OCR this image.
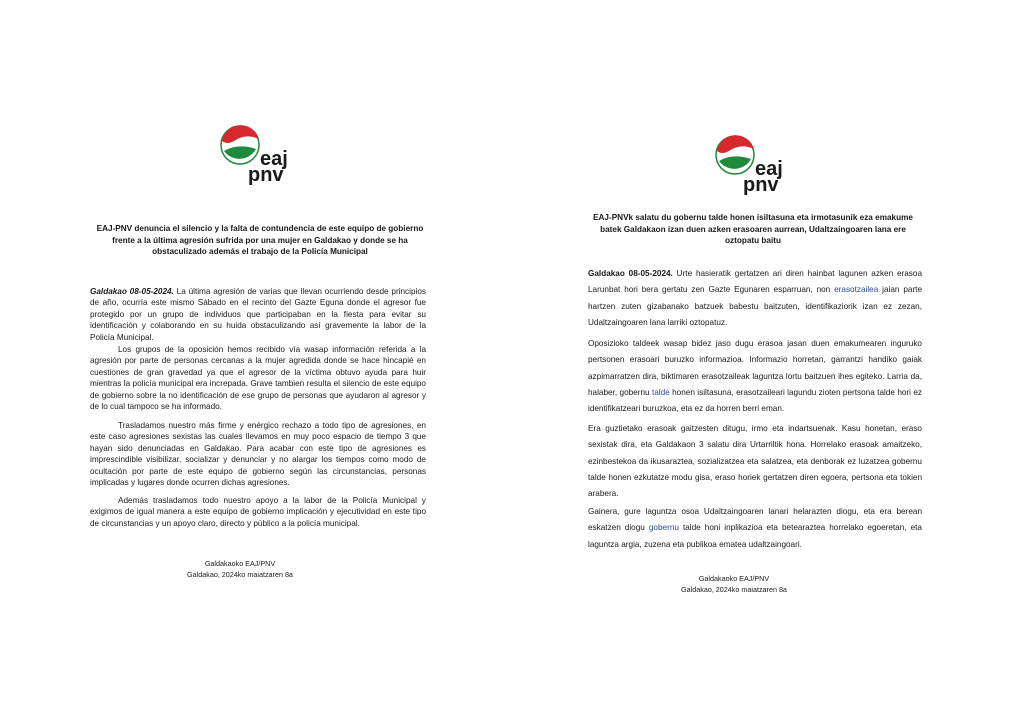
eaj
pnv
EAJ-PNV denuncia el silencio y la falta de contundencia de este equipo de gobierno frente a la última agresión sufrida por una mujer en Galdakao y donde se ha obstaculizado además el trabajo de la Policía Municipal

Galdakao 08-05-2024. La última agresión de varias que llevan ocurriendo desde principios de año, ocurría este mismo Sábado en el recinto del Gazte Eguna donde el agresor fue protegido por un grupo de individuos que participaban en la fiesta para evitar su identificación y colaborando en su huida obstaculizando así gravemente la labor de la Policía Municipal.

Los grupos de la oposición hemos recibido vía wasap información referida a la agresión por parte de personas cercanas a la mujer agredida donde se hace hincapié en cuestiones de gran gravedad ya que el agresor de la víctima obtuvo ayuda para huir mientras la policía municipal era increpada. Grave tambien resulta el silencio de este equipo de gobierno sobre la no identificación de ese grupo de personas que ayudaron al agresor y de lo cual tampoco se ha informado.

Trasladamos nuestro más firme y enérgico rechazo a todo tipo de agresiones, en este caso agresiones sexistas las cuales llevamos en muy poco espacio de tiempo 3 que hayan sido denunciadas en Galdakao. Para acabar con este tipo de agresiones es imprescindible visibilizar, socializar y denunciar y no alargar los tiempos como modo de ocultación por parte de este equipo de gobierno según las circunstancias, personas implicadas y lugares donde ocurren dichas agresiones.

Además trasladamos todo nuestro apoyo a la labor de la Policía Municipal y exigimos de igual manera a este equipo de gobierno implicación y ejecutividad en este tipo de circunstancias y un apoyo claro, directo y público a la policía municipal.

Galdakaoko EAJ/PNV
Galdakao, 2024ko maiatzaren 8a
eaj
pnv
EAJ-PNVk salatu du gobernu talde honen isiltasuna eta irmotasunik eza emakume batek Galdakaon izan duen azken erasoaren aurrean, Udaltzaingoaren lana ere oztopatu baitu

Galdakao 08-05-2024. Urte hasieratik gertatzen ari diren hainbat lagunen azken erasoa Larunbat hori bera gertatu zen Gazte Egunaren esparruan, non erasotzailea jaian parte hartzen zuten gizabanako batzuek babestu baitzuten, identifikaziorik izan ez zezan, Udaltzaingoaren lana larriki oztopatuz.

Oposizioko taldeek wasap bidez jaso dugu erasoa jasan duen emakumearen inguruko pertsonen erasoari buruzko informazioa. Informazio horretan, garrantzi handiko gaiak azpimarratzen dira, biktimaren erasotzaileak laguntza lortu baitzuen ihes egiteko. Larria da, halaber, gobernu talde honen isiltasuna, erasotzaileari lagundu zioten pertsona talde hori ez identifikatzeari buruzkoa, eta ez da horren berri eman.

Era guztietako erasoak gaitzesten ditugu, irmo eta indartsuenak. Kasu honetan, eraso sexistak dira, eta Galdakaon 3 salatu dira Urtarriltik hona. Horrelako erasoak amaitzeko, ezinbestekoa da ikusaraztea, sozializatzea eta salatzea, eta denborak ez luzatzea gobernu talde honen ezkutatze modu gisa, eraso horiek gertatzen diren egoera, pertsona eta tokien arabera.

Gainera, gure laguntza osoa Udaltzaingoaren lanari helarazten diogu, eta era berean eskatzen diogu gobernu talde honi inplikazioa eta betearaztea horrelako egoeretan, eta laguntza argia, zuzena eta publikoa ematea udaltzaingoari.

Galdakaoko EAJ/PNV
Galdakao, 2024ko maiatzaren 8a
